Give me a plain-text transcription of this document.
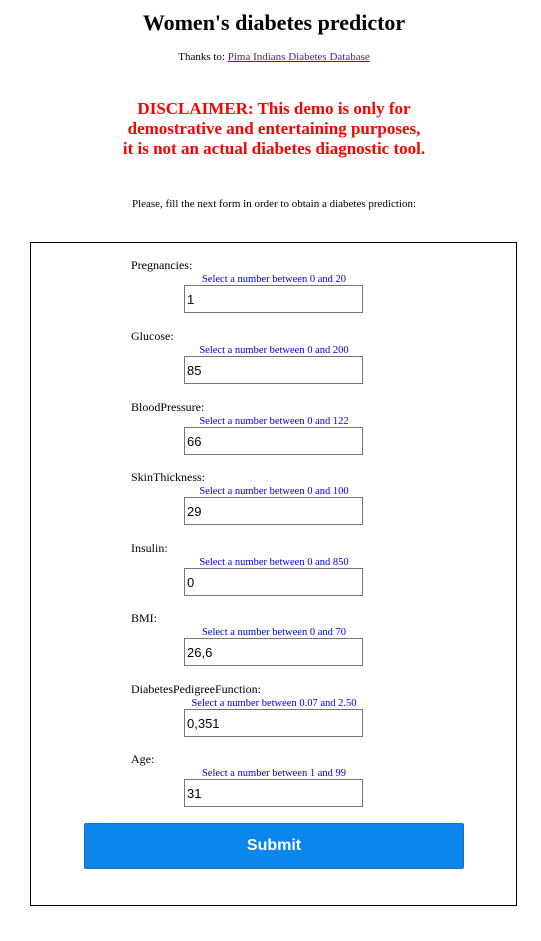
Women's diabetes predictor
Thanks to: Pima Indians Diabetes Database
DISCLAIMER: This demo is only for
demostrative and entertaining purposes,
it is not an actual diabetes diagnostic tool.
Please, fill the next form in order to obtain a diabetes prediction:
Pregnancies:
Select a number between 0 and 20
1
Glucose:
Select a number between 0 and 200
85
BloodPressure:
Select a number between 0 and 122
66
SkinThickness:
Select a number between 0 and 100
29
Insulin:
Select a number between 0 and 850
0
BMI:
Select a number between 0 and 70
26,6
DiabetesPedigreeFunction:
Select a number between 0.07 and 2.50
0,351
Age:
Select a number between 1 and 99
31
Submit
